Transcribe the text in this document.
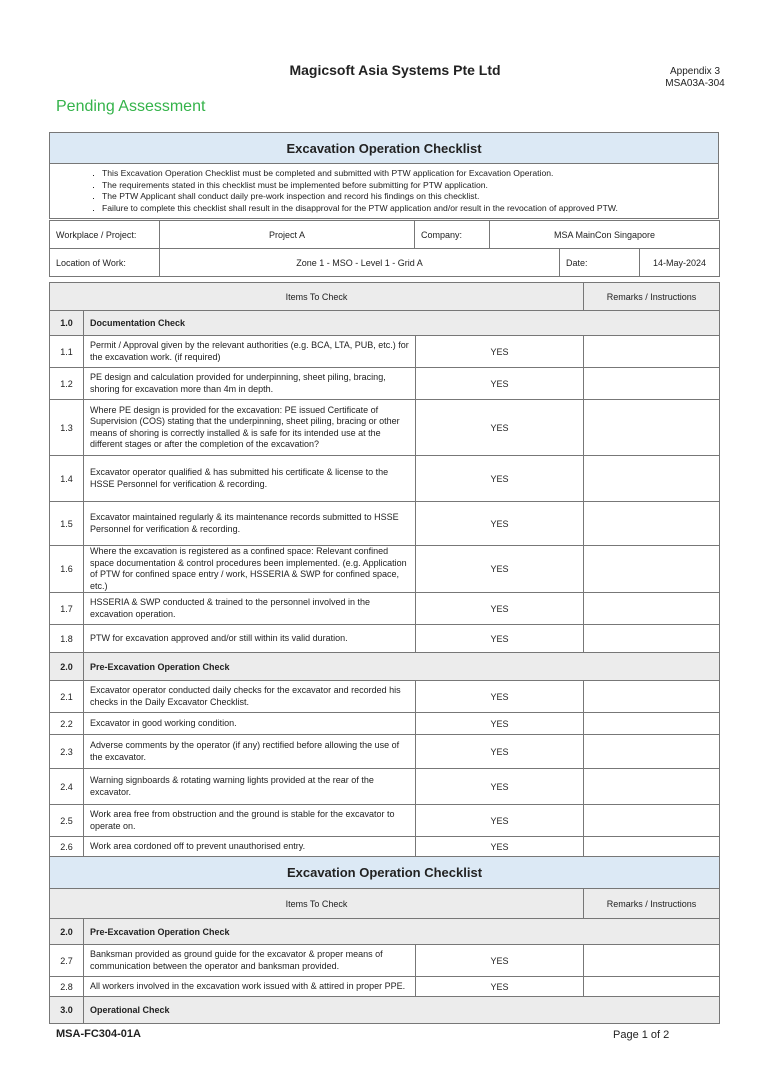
Magicsoft Asia Systems Pte Ltd	Appendix 3
MSA03A-304
Pending Assessment
Excavation Operation Checklist

▪ This Excavation Operation Checklist must be completed and submitted with PTW application for Excavation Operation.
▪ The requirements stated in this checklist must be implemented before submitting for PTW application.
▪ The PTW Applicant shall conduct daily pre-work inspection and record his findings on this checklist.
▪ Failure to complete this checklist shall result in the disapproval for the PTW application and/or result in the revocation of approved PTW.
Workplace / Project:	Project A	Company:	MSA MainCon Singapore		
Location of Work:	Zone 1 - MSO - Level 1 - Grid A			Date:	14-May-2024
Items To Check			Remarks / Instructions
1.0	Documentation Check		
1.1	Permit / Approval given by the relevant authorities (e.g. BCA, LTA, PUB, etc.) for the excavation work. (if required)	YES	
1.2	PE design and calculation provided for underpinning, sheet piling, bracing, shoring for excavation more than 4m in depth.	YES	
1.3	Where PE design is provided for the excavation: PE issued Certificate of Supervision (COS) stating that the underpinning, sheet piling, bracing or other means of shoring is correctly installed & is safe for its intended use at the different stages or after the completion of the excavation?	YES	
1.4	Excavator operator qualified & has submitted his certificate & license to the HSSE Personnel for verification & recording.	YES	
1.5	Excavator maintained regularly & its maintenance records submitted to HSSE Personnel for verification & recording.	YES	
1.6	Where the excavation is registered as a confined space: Relevant confined space documentation & control procedures been implemented. (e.g. Application of PTW for confined space entry / work, HSSERIA & SWP for confined space, etc.)	YES	
1.7	HSSERIA & SWP conducted & trained to the personnel involved in the excavation operation.	YES	
1.8	PTW for excavation approved and/or still within its valid duration.	YES	
2.0	Pre-Excavation Operation Check		
2.1	Excavator operator conducted daily checks for the excavator and recorded his checks in the Daily Excavator Checklist.	YES	
2.2	Excavator in good working condition.	YES	
2.3	Adverse comments by the operator (if any) rectified before allowing the use of the excavator.	YES	
2.4	Warning signboards & rotating warning lights provided at the rear of the excavator.	YES	
2.5	Work area free from obstruction and the ground is stable for the excavator to operate on.	YES	
2.6	Work area cordoned off to prevent unauthorised entry.	YES	
Excavation Operation Checklist			
Items To Check			Remarks / Instructions
2.0	Pre-Excavation Operation Check		
2.7	Banksman provided as ground guide for the excavator & proper means of communication between the operator and banksman provided.	YES	
2.8	All workers involved in the excavation work issued with & attired in proper PPE.	YES	
3.0	Operational Check		
MSA-FC304-01A	Page 1 of 2
